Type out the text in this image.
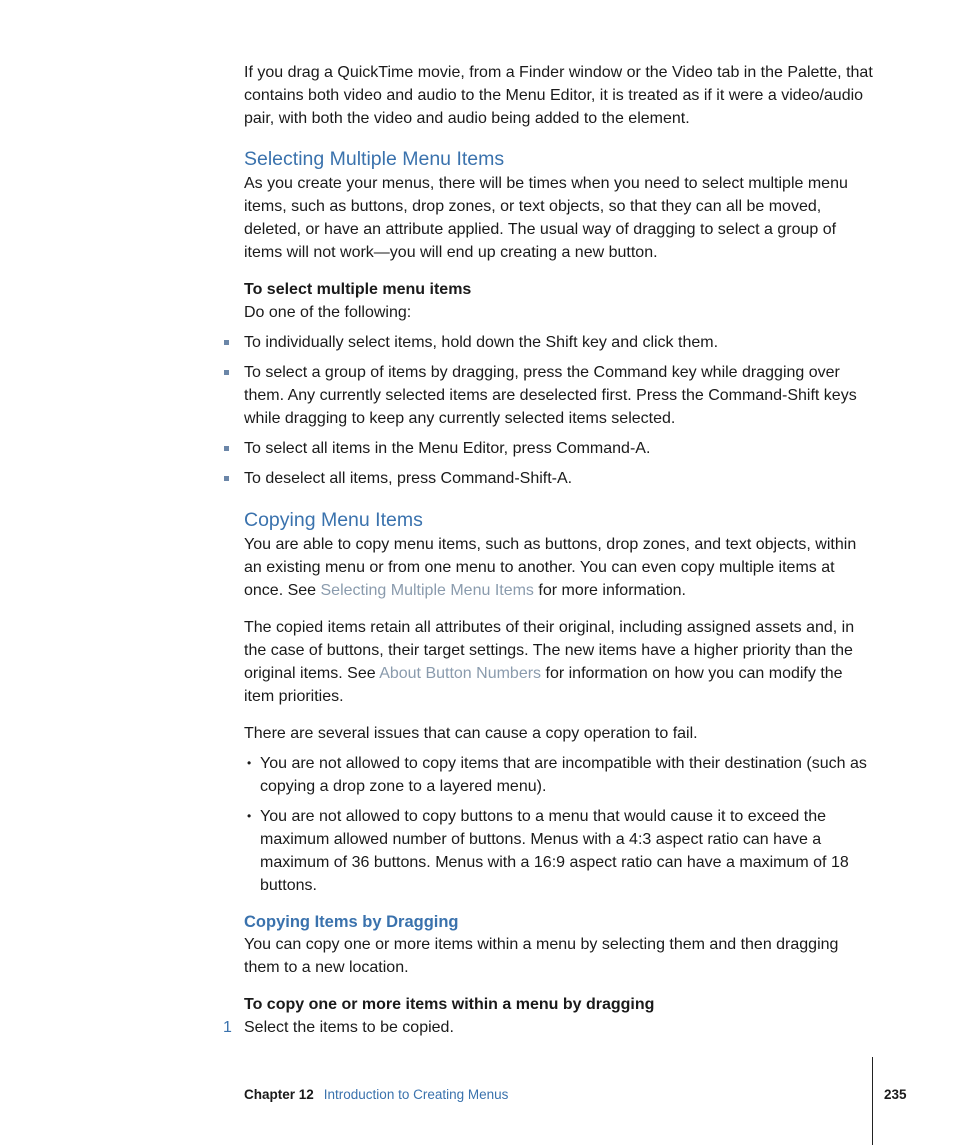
If you drag a QuickTime movie, from a Finder window or the Video tab in the Palette, that contains both video and audio to the Menu Editor, it is treated as if it were a video/audio pair, with both the video and audio being added to the element.

Selecting Multiple Menu Items

As you create your menus, there will be times when you need to select multiple menu items, such as buttons, drop zones, or text objects, so that they can all be moved, deleted, or have an attribute applied. The usual way of dragging to select a group of items will not work—you will end up creating a new button.

To select multiple menu items

Do one of the following:

To individually select items, hold down the Shift key and click them.
To select a group of items by dragging, press the Command key while dragging over them. Any currently selected items are deselected first. Press the Command-Shift keys while dragging to keep any currently selected items selected.
To select all items in the Menu Editor, press Command-A.
To deselect all items, press Command-Shift-A.
Copying Menu Items

You are able to copy menu items, such as buttons, drop zones, and text objects, within an existing menu or from one menu to another. You can even copy multiple items at once. See Selecting Multiple Menu Items for more information.

The copied items retain all attributes of their original, including assigned assets and, in the case of buttons, their target settings. The new items have a higher priority than the original items. See About Button Numbers for information on how you can modify the item priorities.

There are several issues that can cause a copy operation to fail.

• You are not allowed to copy items that are incompatible with their destination (such as copying a drop zone to a layered menu).
• You are not allowed to copy buttons to a menu that would cause it to exceed the maximum allowed number of buttons. Menus with a 4:3 aspect ratio can have a maximum of 36 buttons. Menus with a 16:9 aspect ratio can have a maximum of 18 buttons.
Copying Items by Dragging

You can copy one or more items within a menu by selecting them and then dragging them to a new location.

To copy one or more items within a menu by dragging

1 Select the items to be copied.

Chapter 12 Introduction to Creating Menus	235
